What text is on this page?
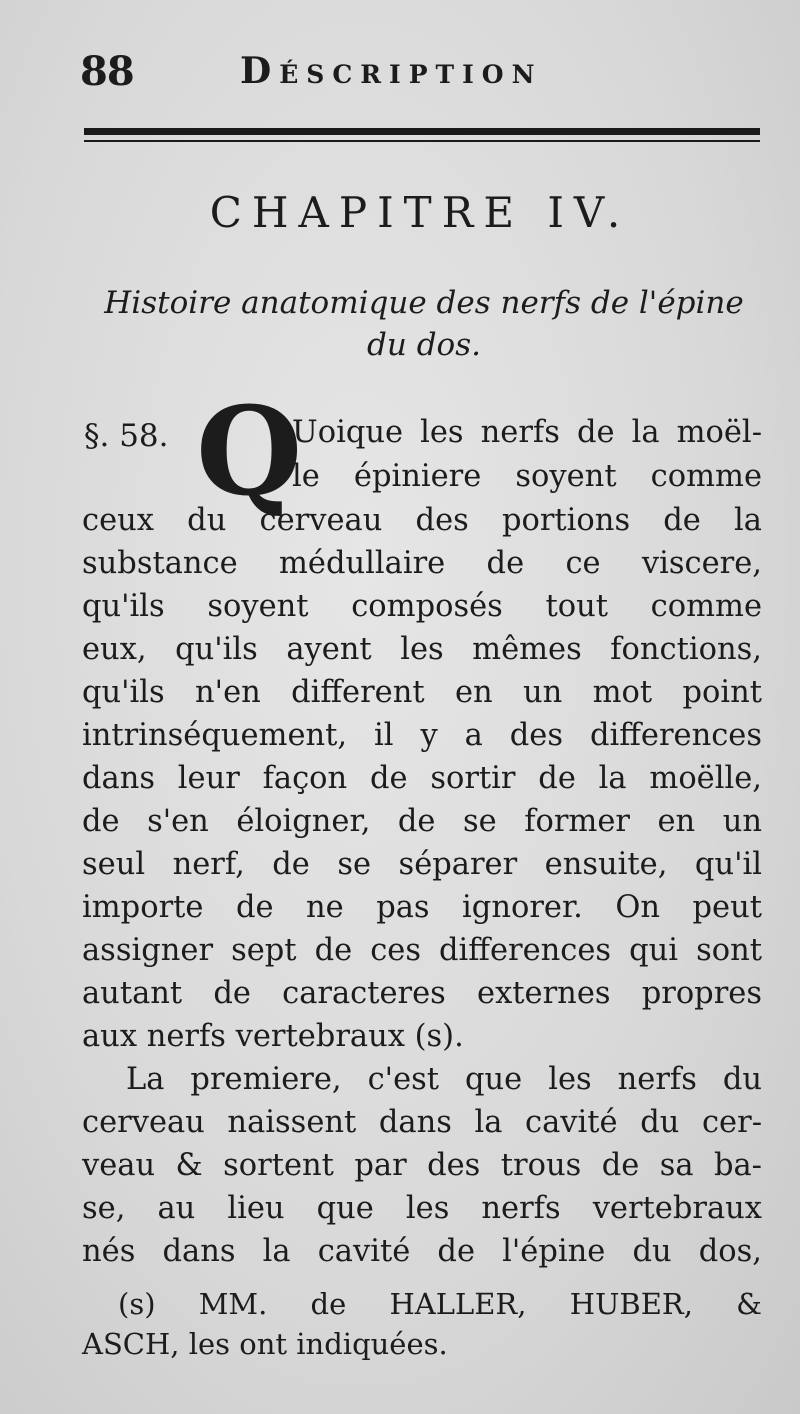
88	Déscription
CHAPITRE IV.
Histoire anatomique des nerfs de l'épine
du dos.
§. 58. Q
Uoique les nerfs de la moël-
le épiniere soyent comme
ceux du cerveau des portions de la
substance médullaire de ce viscere,
qu'ils soyent composés tout comme
eux, qu'ils ayent les mêmes fonctions,
qu'ils n'en different en un mot point
intrinséquement, il y a des differences
dans leur façon de sortir de la moëlle,
de s'en éloigner, de se former en un
seul nerf, de se séparer ensuite, qu'il
importe de ne pas ignorer. On peut
assigner sept de ces differences qui sont
autant de caracteres externes propres
aux nerfs vertebraux (s).
La premiere, c'est que les nerfs du
cerveau naissent dans la cavité du cer-
veau & sortent par des trous de sa ba-
se, au lieu que les nerfs vertebraux
nés dans la cavité de l'épine du dos,
(s) MM. de HALLER, HUBER, &
ASCH, les ont indiquées.
